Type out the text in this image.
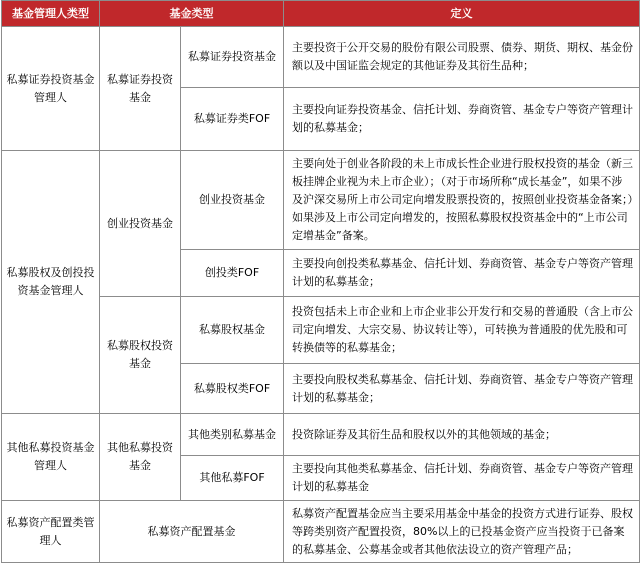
基金管理人类型	基金类型		定义
私募证券投资基金管理人	私募证券投资基金	私募证券投资基金	主要投资于公开交易的股份有限公司股票、债券、期货、期权、基金份额以及中国证监会规定的其他证券及其衍生品种；
		私募证券类FOF	主要投向证券投资基金、信托计划、券商资管、基金专户等资产管理计划的私募基金；
私募股权及创投投资基金管理人	创业投资基金	创业投资基金	主要向处于创业各阶段的未上市成长性企业进行股权投资的基金（新三板挂牌企业视为未上市企业）；（对于市场所称“成长基金”，如果不涉及沪深交易所上市公司定向增发股票投资的，按照创业投资基金备案；）如果涉及上市公司定向增发的，按照私募股权投资基金中的“上市公司定增基金”备案。
		创投类FOF	主要投向创投类私募基金、信托计划、券商资管、基金专户等资产管理计划的私募基金；
	私募股权投资基金	私募股权基金	投资包括未上市企业和上市企业非公开发行和交易的普通股（含上市公司定向增发、大宗交易、协议转让等），可转换为普通股的优先股和可转换债等的私募基金；
		私募股权类FOF	主要投向股权类私募基金、信托计划、券商资管、基金专户等资产管理计划的私募基金；
其他私募投资基金管理人	其他私募投资基金	其他类别私募基金	投资除证券及其衍生品和股权以外的其他领域的基金；
		其他私募FOF	主要投向其他类私募基金、信托计划、券商资管、基金专户等资产管理计划的私募基金
私募资产配置类管理人	私募资产配置基金		私募资产配置基金应当主要采用基金中基金的投资方式进行证券、股权等跨类别资产配置投资，80%以上的已投基金资产应当投资于已备案的私募基金、公募基金或者其他依法设立的资产管理产品；
